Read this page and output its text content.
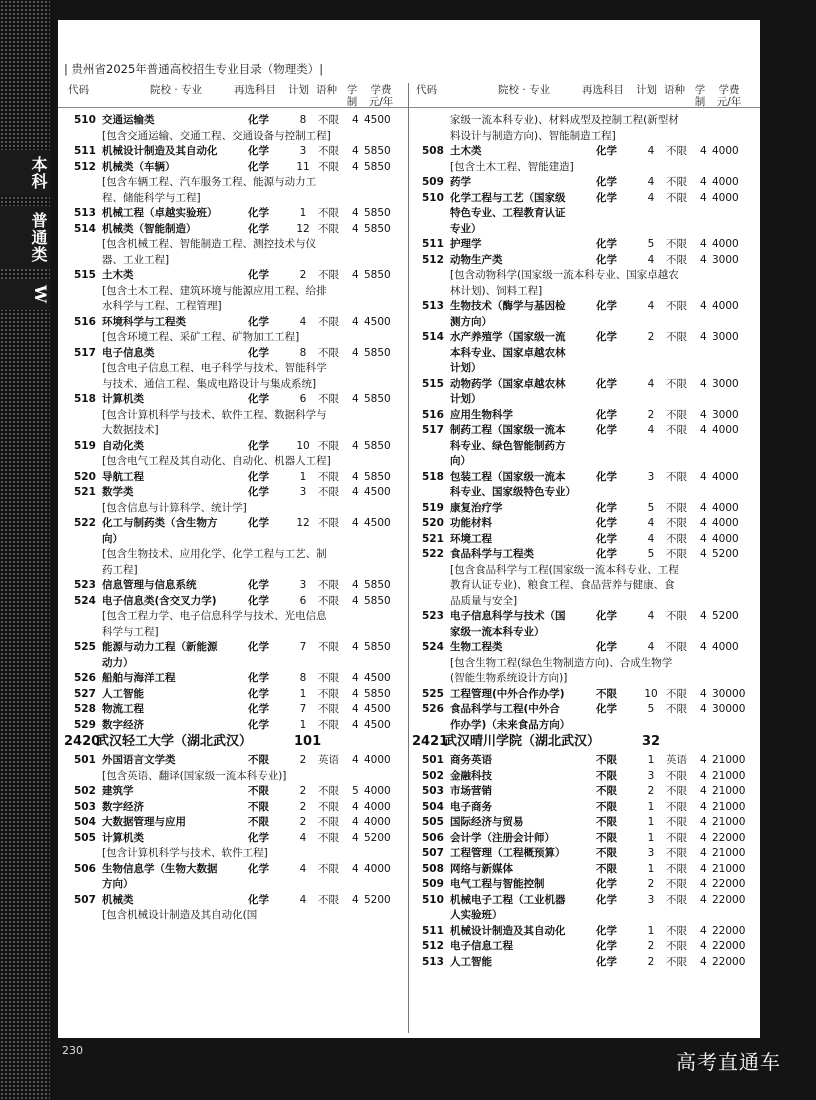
本科
普通类
W
| 贵州省2025年普通高校招生专业目录（物理类）|
代码	院校 · 专业	再选科目 计划 语种 学制
学费元/年
代码	院校 · 专业	再选科目 计划 语种 学制
学费元/年
510 交通运输类	化学	8	不限	4 4500
[包含交通运输、交通工程、交通设备与控制工程]
511 机械设计制造及其自动化	化学	3	不限	4 5850
512 机械类（车辆）	化学	11 不限	4 5850
[包含车辆工程、汽车服务工程、能源与动力工程、储能科学与工程]
513 机械工程（卓越实验班）	化学	1	不限	4 5850
514 机械类（智能制造）	化学	12 不限	4 5850
[包含机械工程、智能制造工程、测控技术与仪器、工业工程]
515 土木类	化学	2	不限	4 5850
[包含土木工程、建筑环境与能源应用工程、给排水科学与工程、工程管理]
516 环境科学与工程类	化学	4	不限	4 4500
[包含环境工程、采矿工程、矿物加工工程]
517 电子信息类	化学	8	不限	4 5850
[包含电子信息工程、电子科学与技术、智能科学与技术、通信工程、集成电路设计与集成系统]
518 计算机类	化学	6	不限	4 5850
[包含计算机科学与技术、软件工程、数据科学与大数据技术]
519 自动化类	化学	10 不限	4 5850
[包含电气工程及其自动化、自动化、机器人工程]
520 导航工程	化学	1	不限	4 5850
521 数学类	化学	3	不限	4 4500
[包含信息与计算科学、统计学]
522 化工与制药类（含生物方	化学	12 不限	4 4500
向）
[包含生物技术、应用化学、化学工程与工艺、制药工程]
523 信息管理与信息系统	化学	3	不限	4 5850
524 电子信息类(含交叉力学)	化学	6	不限	4 5850
[包含工程力学、电子信息科学与技术、光电信息科学与工程]
525 能源与动力工程（新能源	化学	7	不限	4 5850
动力）
526 船舶与海洋工程	化学	8	不限	4 4500
527 人工智能	化学	1	不限	4 5850
528 物流工程	化学	7	不限	4 4500
529 数字经济	化学	1	不限	4 4500
2420
武汉轻工大学（湖北武汉）	101
501 外国语言文学类	不限	2	英语	4 4000
[包含英语、翻译(国家级一流本科专业)]
502 建筑学	不限	2	不限	5 4000
503 数字经济	不限	2	不限	4 4000
504 大数据管理与应用	不限	2	不限	4 4000
505 计算机类	化学	4	不限	4 5200
[包含计算机科学与技术、软件工程]
506 生物信息学（生物大数据	化学	4	不限	4 4000
方向）
507 机械类	化学	4	不限	4 5200
[包含机械设计制造及其自动化(国
家级一流本科专业)、材料成型及控制工程(新型材料设计与制造方向)、智能制造工程]
508 土木类	化学	4	不限	4 4000
[包含土木工程、智能建造]
509 药学	化学	4	不限	4 4000
510 化学工程与工艺（国家级	化学	4	不限	4 4000
特色专业、工程教育认证
专业）
511 护理学	化学	5	不限	4 4000
512 动物生产类	化学	4	不限	4 3000
[包含动物科学(国家级一流本科专业、国家卓越农林计划)、饲料工程]
513 生物技术（酶学与基因检	化学	4	不限	4 4000
测方向）
514 水产养殖学（国家级一流	化学	2	不限	4 3000
本科专业、国家卓越农林
计划）
515 动物药学（国家卓越农林	化学	4	不限	4 3000
计划）
516 应用生物科学	化学	2	不限	4 3000
517 制药工程（国家级一流本	化学	4	不限	4 4000
科专业、绿色智能制药方
向）
518 包装工程（国家级一流本	化学	3	不限	4 4000
科专业、国家级特色专业）
519 康复治疗学	化学	5	不限	4 4000
520 功能材料	化学	4	不限	4 4000
521 环境工程	化学	4	不限	4 4000
522 食品科学与工程类	化学	5	不限	4 5200
[包含食品科学与工程(国家级一流本科专业、工程教育认证专业)、粮食工程、食品营养与健康、食品质量与安全]
523 电子信息科学与技术（国	化学	4	不限	4 5200
家级一流本科专业）
524 生物工程类	化学	4	不限	4 4000
[包含生物工程(绿色生物制造方向)、合成生物学(智能生物系统设计方向)]
525 工程管理(中外合作办学)	不限	10 不限	4 30000
526 食品科学与工程(中外合	化学	5	不限	4 30000
作办学)（未来食品方向）
2421
武汉晴川学院（湖北武汉）	32
501 商务英语	不限	1	英语	4 21000
502 金融科技	不限	3	不限	4 21000
503 市场营销	不限	2	不限	4 21000
504 电子商务	不限	1	不限	4 21000
505 国际经济与贸易	不限	1	不限	4 21000
506 会计学（注册会计师）	不限	1	不限	4 22000
507 工程管理（工程概预算）	不限	3	不限	4 21000
508 网络与新媒体	不限	1	不限	4 21000
509 电气工程与智能控制	化学	2	不限	4 22000
510 机械电子工程（工业机器	化学	3	不限	4 22000
人实验班）
511 机械设计制造及其自动化	化学	1	不限	4 22000
512 电子信息工程	化学	2	不限	4 22000
513 人工智能	化学	2	不限	4 22000
230	高考直通车
